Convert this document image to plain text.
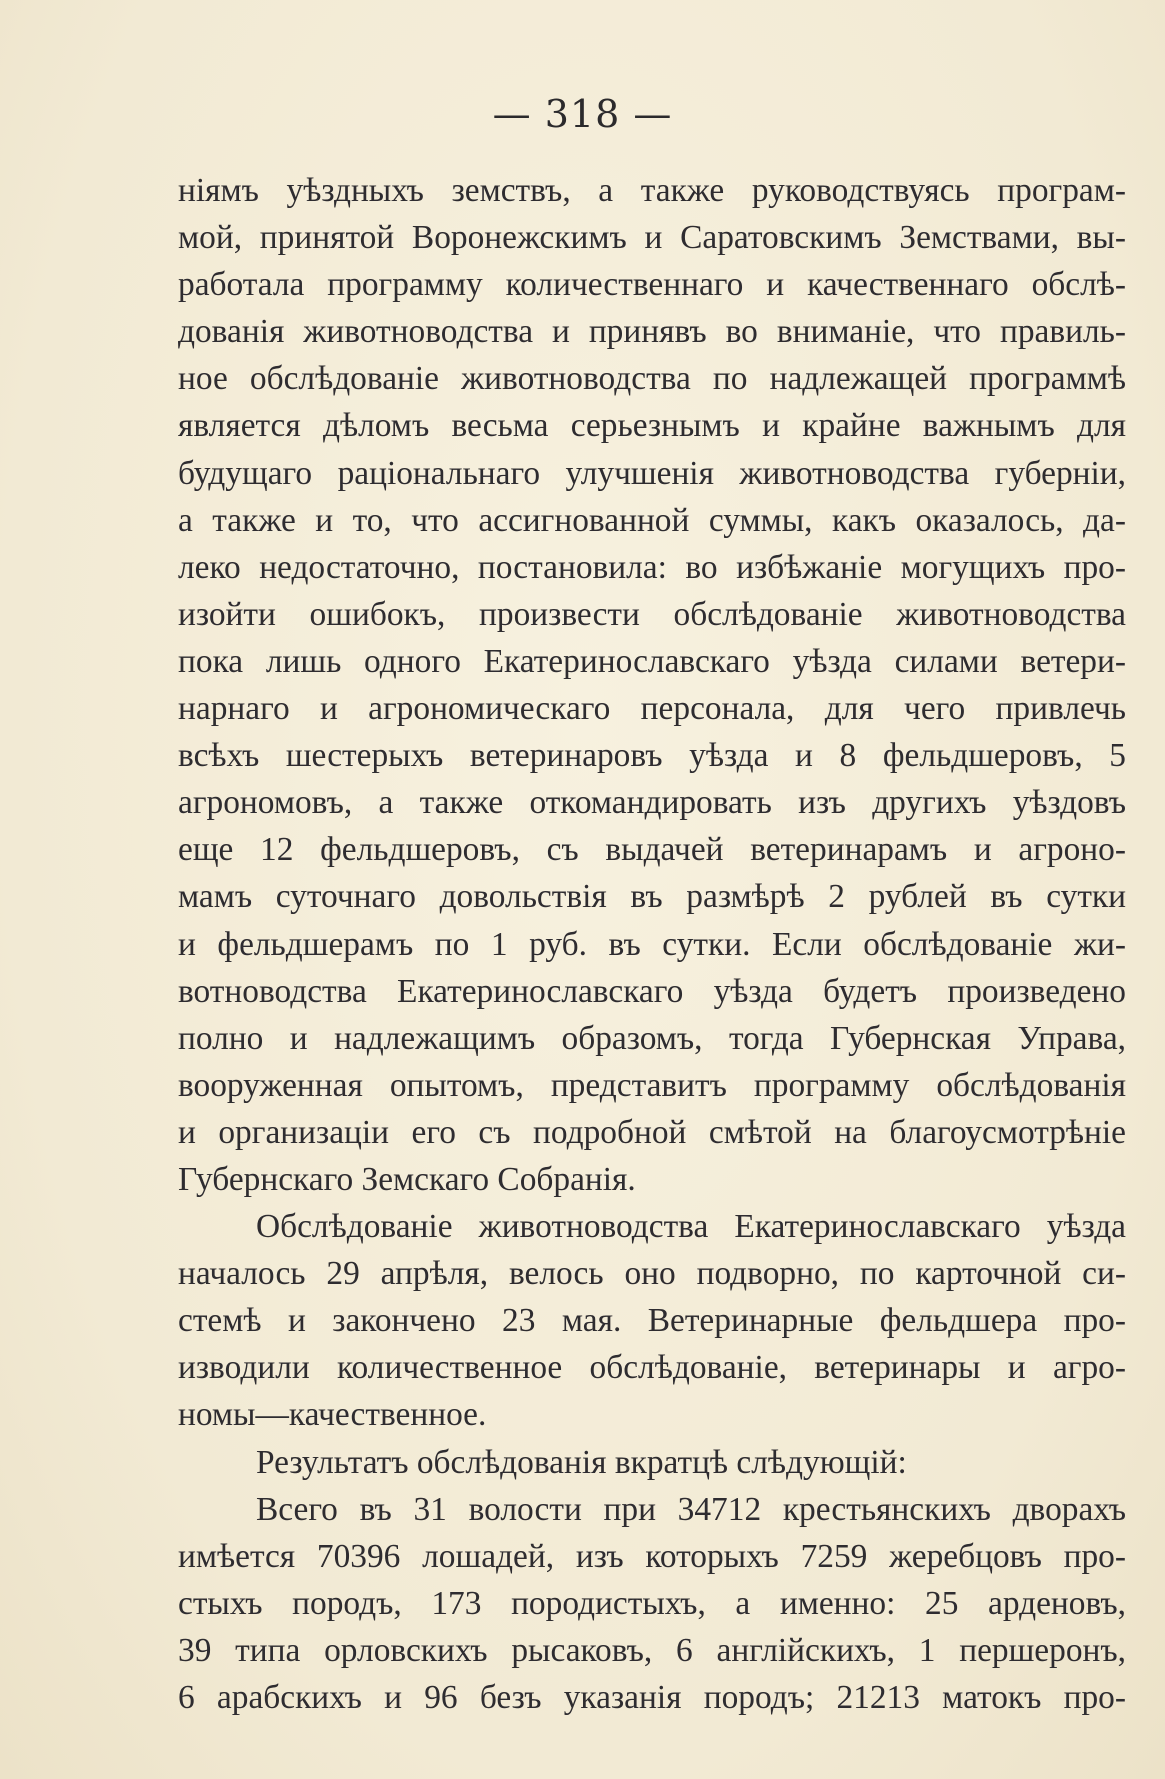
— 318 —
ніямъ уѣздныхъ земствъ, а также руководствуясь програм-
мой, принятой Воронежскимъ и Саратовскимъ Земствами, вы-
работала программу количественнаго и качественнаго обслѣ-
дованія животноводства и принявъ во вниманіе, что правиль-
ное обслѣдованіе животноводства по надлежащей программѣ
является дѣломъ весьма серьезнымъ и крайне важнымъ для
будущаго раціональнаго улучшенія животноводства губерніи,
а также и то, что ассигнованной суммы, какъ оказалось, да-
леко недостаточно, постановила: во избѣжаніе могущихъ про-
изойти ошибокъ, произвести обслѣдованіе животноводства
пока лишь одного Екатеринославскаго уѣзда силами ветери-
нарнаго и агрономическаго персонала, для чего привлечь
всѣхъ шестерыхъ ветеринаровъ уѣзда и 8 фельдшеровъ, 5
агрономовъ, а также откомандировать изъ другихъ уѣздовъ
еще 12 фельдшеровъ, съ выдачей ветеринарамъ и агроно-
мамъ суточнаго довольствія въ размѣрѣ 2 рублей въ сутки
и фельдшерамъ по 1 руб. въ сутки. Если обслѣдованіе жи-
вотноводства Екатеринославскаго уѣзда будетъ произведено
полно и надлежащимъ образомъ, тогда Губернская Управа,
вооруженная опытомъ, представитъ программу обслѣдованія
и организаціи его съ подробной смѣтой на благоусмотрѣніе
Губернскаго Земскаго Собранія.
Обслѣдованіе животноводства Екатеринославскаго уѣзда
началось 29 апрѣля, велось оно подворно, по карточной си-
стемѣ и закончено 23 мая. Ветеринарные фельдшера про-
изводили количественное обслѣдованіе, ветеринары и агро-
номы—качественное.
Результатъ обслѣдованія вкратцѣ слѣдующій:
Всего въ 31 волости при 34712 крестьянскихъ дворахъ
имѣется 70396 лошадей, изъ которыхъ 7259 жеребцовъ про-
стыхъ породъ, 173 породистыхъ, а именно: 25 арденовъ,
39 типа орловскихъ рысаковъ, 6 англійскихъ, 1 першеронъ,
6 арабскихъ и 96 безъ указанія породъ; 21213 матокъ про-
